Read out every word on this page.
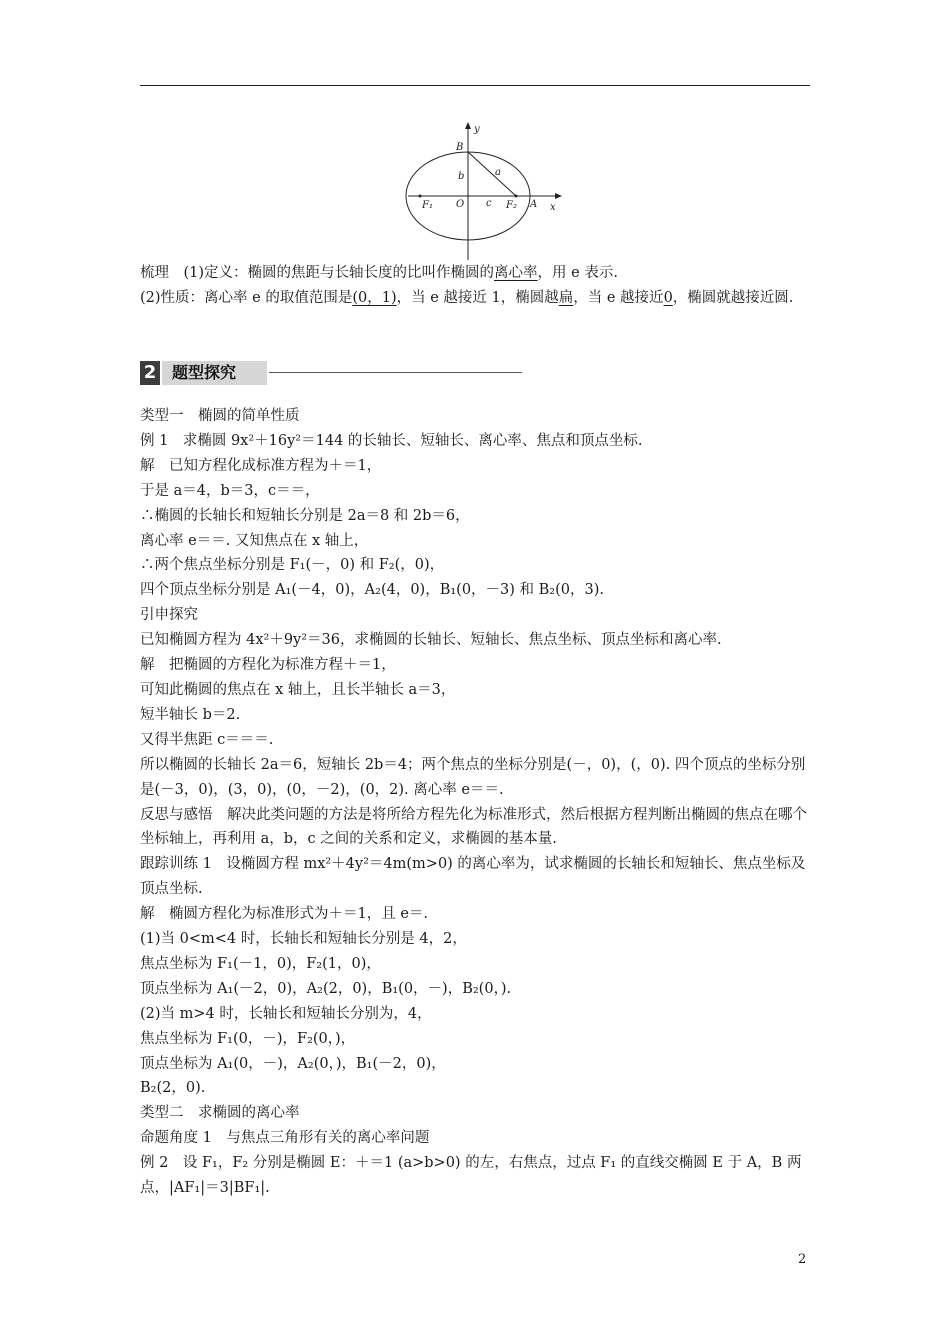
y
x
B
b	a
c
O
F₁	F₂ A

梳理　(1)定义：椭圆的焦距与长轴长度的比叫作椭圆的离心率，用 e 表示.

(2)性质：离心率 e 的取值范围是(0，1)，当 e 越接近 1，椭圆越扁，当 e 越接近0，椭圆就越接近圆.

2 题型探究
类型一　椭圆的简单性质
例 1　求椭圆 9x²＋16y²＝144 的长轴长、短轴长、离心率、焦点和顶点坐标.
解　已知方程化成标准方程为＋＝1，
于是 a＝4，b＝3，c＝＝，
∴椭圆的长轴长和短轴长分别是 2a＝8 和 2b＝6，
离心率 e＝＝. 又知焦点在 x 轴上，
∴两个焦点坐标分别是 F₁(－，0) 和 F₂(，0)，
四个顶点坐标分别是 A₁(－4，0)，A₂(4，0)，B₁(0，－3) 和 B₂(0，3).
引申探究
已知椭圆方程为 4x²＋9y²＝36，求椭圆的长轴长、短轴长、焦点坐标、顶点坐标和离心率.
解　把椭圆的方程化为标准方程＋＝1，
可知此椭圆的焦点在 x 轴上，且长半轴长 a＝3，
短半轴长 b＝2.
又得半焦距 c＝＝＝.
所以椭圆的长轴长 2a＝6，短轴长 2b＝4；两个焦点的坐标分别是(－，0)，(，0). 四个顶点的坐标分别是(－3，0)，(3，0)，(0，－2)，(0，2). 离心率 e＝＝.
反思与感悟　解决此类问题的方法是将所给方程先化为标准形式，然后根据方程判断出椭圆的焦点在哪个坐标轴上，再利用 a，b，c 之间的关系和定义，求椭圆的基本量.
跟踪训练 1　设椭圆方程 mx²＋4y²＝4m(m>0) 的离心率为，试求椭圆的长轴长和短轴长、焦点坐标及顶点坐标.
解　椭圆方程化为标准形式为＋＝1，且 e＝.
(1)当 0<m<4 时，长轴长和短轴长分别是 4，2，
焦点坐标为 F₁(－1，0)，F₂(1，0)，
顶点坐标为 A₁(－2，0)，A₂(2，0)，B₁(0，－)，B₂(0，).
(2)当 m>4 时，长轴长和短轴长分别为，4，
焦点坐标为 F₁(0，－)，F₂(0，)，
顶点坐标为 A₁(0，－)，A₂(0，)，B₁(－2，0)，
B₂(2，0).
类型二　求椭圆的离心率
命题角度 1　与焦点三角形有关的离心率问题
例 2　设 F₁，F₂ 分别是椭圆 E：＋＝1 (a>b>0) 的左，右焦点，过点 F₁ 的直线交椭圆 E 于 A，B 两点，|AF₁|＝3|BF₁|.
2
